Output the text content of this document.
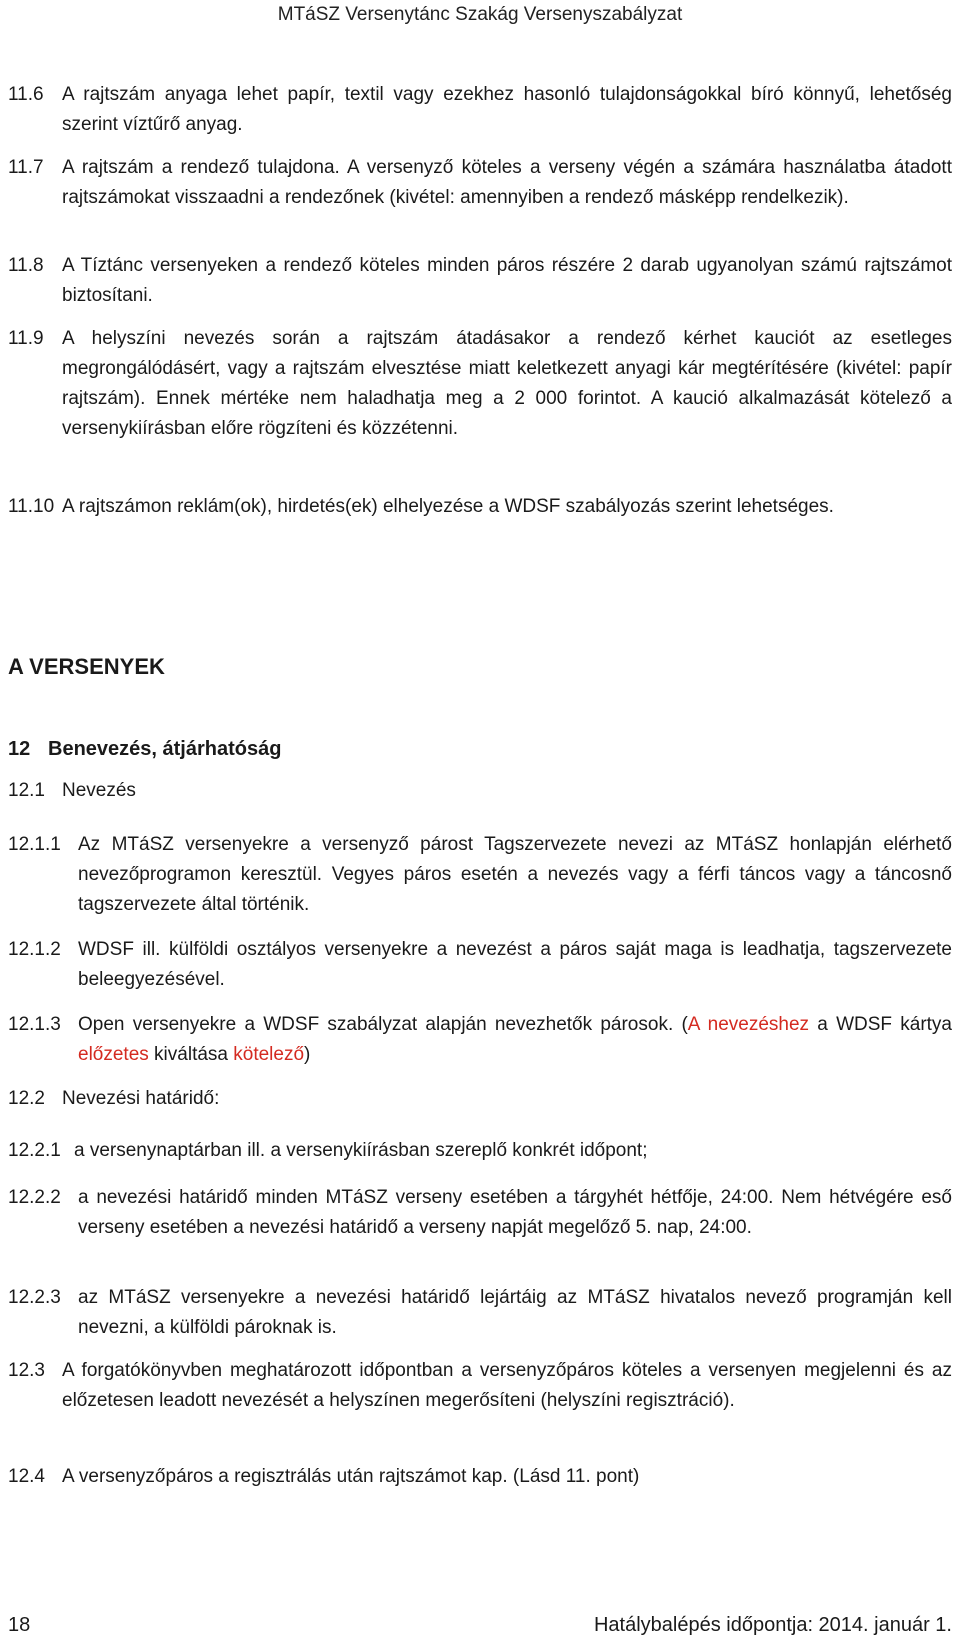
MTáSZ Versenytánc Szakág Versenyszabályzat
11.6 A rajtszám anyaga lehet papír, textil vagy ezekhez hasonló tulajdonságokkal bíró könnyű, lehetőség szerint víztűrő anyag.
11.7 A rajtszám a rendező tulajdona. A versenyző köteles a verseny végén a számára használatba átadott rajtszámokat visszaadni a rendezőnek (kivétel: amennyiben a rendező másképp rendelkezik).
11.8 A Tíztánc versenyeken a rendező köteles minden páros részére 2 darab ugyanolyan számú rajtszámot biztosítani.
11.9 A helyszíni nevezés során a rajtszám átadásakor a rendező kérhet kauciót az esetleges megrongálódásért, vagy a rajtszám elvesztése miatt keletkezett anyagi kár megtérítésére (kivétel: papír rajtszám). Ennek mértéke nem haladhatja meg a 2 000 forintot. A kaució alkalmazását kötelező a versenykiírásban előre rögzíteni és közzétenni.
11.10 A rajtszámon reklám(ok), hirdetés(ek) elhelyezése a WDSF szabályozás szerint lehetséges.
A VERSENYEK
12 Benevezés, átjárhatóság
12.1 Nevezés
12.1.1 Az MTáSZ versenyekre a versenyző párost Tagszervezete nevezi az MTáSZ honlapján elérhető nevezőprogramon keresztül. Vegyes páros esetén a nevezés vagy a férfi táncos vagy a táncosnő tagszervezete által történik.
12.1.2 WDSF ill. külföldi osztályos versenyekre a nevezést a páros saját maga is leadhatja, tagszervezete beleegyezésével.
12.1.3 Open versenyekre a WDSF szabályzat alapján nevezhetők párosok. (A nevezéshez a WDSF kártya előzetes kiváltása kötelező)
12.2 Nevezési határidő:
12.2.1 a versenynaptárban ill. a versenykiírásban szereplő konkrét időpont;
12.2.2 a nevezési határidő minden MTáSZ verseny esetében a tárgyhét hétfője, 24:00. Nem hétvégére eső verseny esetében a nevezési határidő a verseny napját megelőző 5. nap, 24:00.
12.2.3 az MTáSZ versenyekre a nevezési határidő lejártáig az MTáSZ hivatalos nevező programján kell nevezni, a külföldi pároknak is.
12.3 A forgatókönyvben meghatározott időpontban a versenyzőpáros köteles a versenyen megjelenni és az előzetesen leadott nevezését a helyszínen megerősíteni (helyszíni regisztráció).
12.4 A versenyzőpáros a regisztrálás után rajtszámot kap. (Lásd 11. pont)
18	Hatálybalépés időpontja: 2014. január 1.
